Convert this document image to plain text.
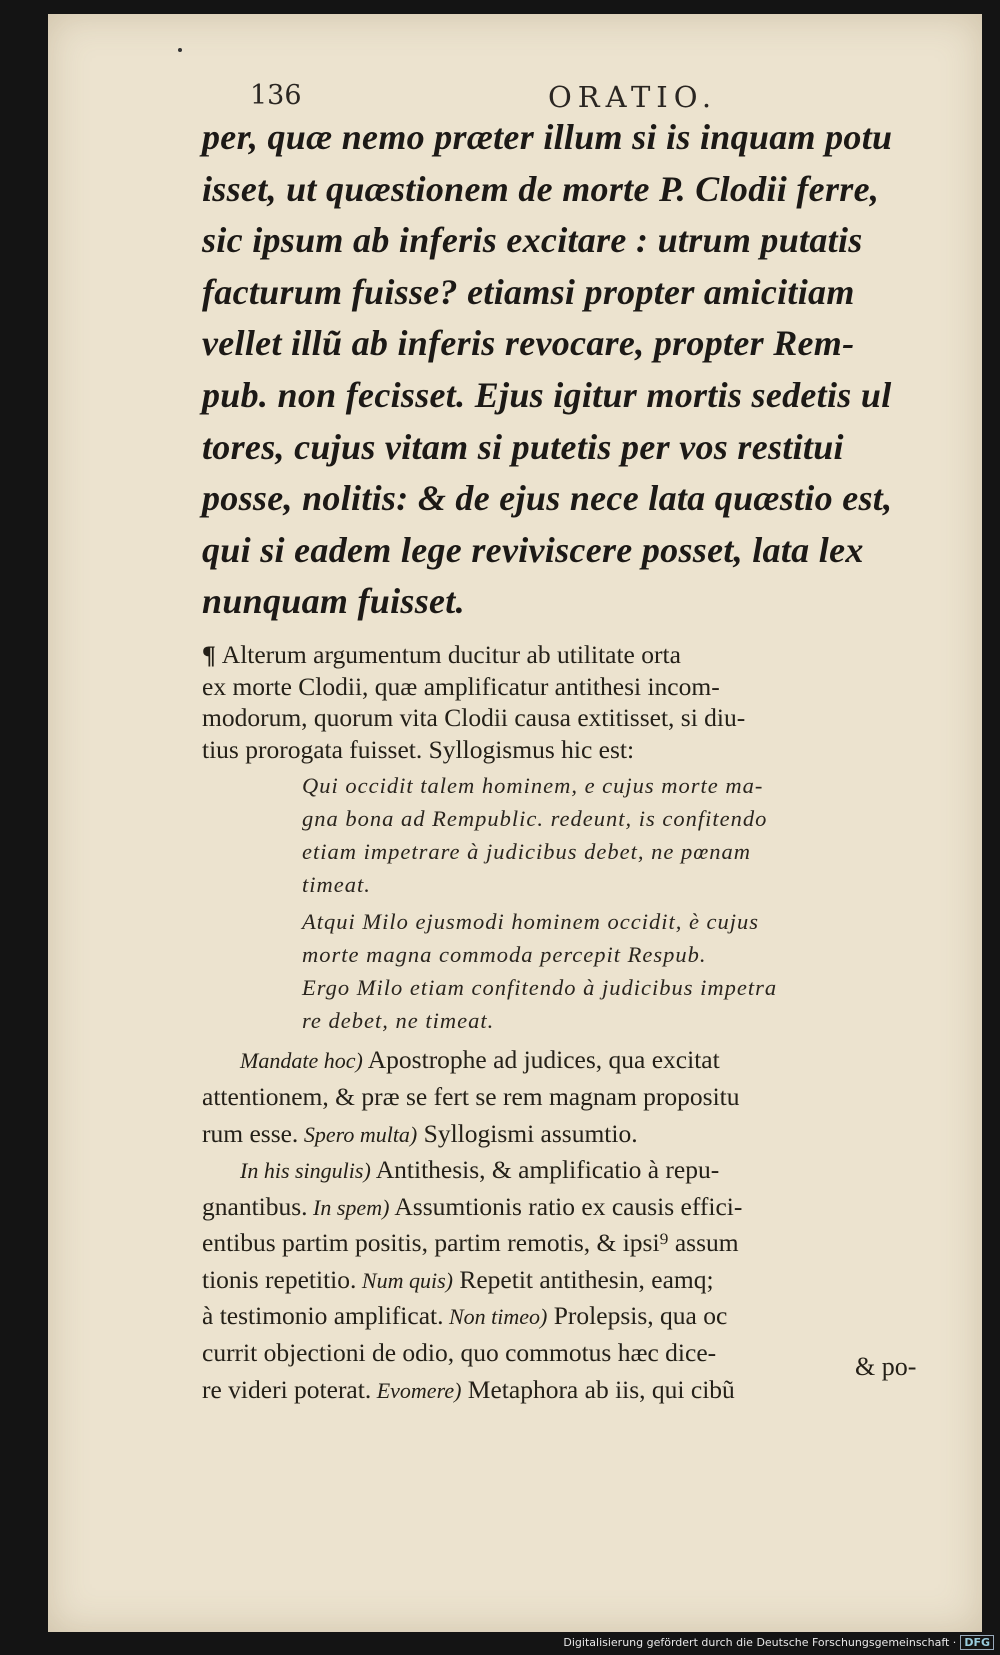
136	ORATIO.
per, quæ nemo præter illum si is inquam potu
isset, ut quæstionem de morte P. Clodii ferre,
sic ipsum ab inferis excitare : utrum putatis
facturum fuisse? etiamsi propter amicitiam
vellet illũ ab inferis revocare, propter Rem-
pub. non fecisset. Ejus igitur mortis sedetis ul
tores, cujus vitam si putetis per vos restitui
posse, nolitis: & de ejus nece lata quæstio est,
qui si eadem lege reviviscere posset, lata lex
nunquam fuisset.
¶ Alterum argumentum ducitur ab utilitate orta
ex morte Clodii, quæ amplificatur antithesi incom-
modorum, quorum vita Clodii causa extitisset, si diu-
tius prorogata fuisset. Syllogismus hic est:
Qui occidit talem hominem, e cujus morte ma-
gna bona ad Rempublic. redeunt, is confitendo
etiam impetrare à judicibus debet, ne pœnam
timeat.
Atqui Milo ejusmodi hominem occidit, è cujus
morte magna commoda percepit Respub.
Ergo Milo etiam confitendo à judicibus impetra
re debet, ne timeat.
Mandate hoc) Apostrophe ad judices, qua excitat
attentionem, & præ se fert se rem magnam propositu
rum esse. Spero multa) Syllogismi assumtio.
In his singulis) Antithesis, & amplificatio à repu-
gnantibus. In spem) Assumtionis ratio ex causis effici-
entibus partim positis, partim remotis, & ipsi⁹ assum
tionis repetitio. Num quis) Repetit antithesin, eamq;
à testimonio amplificat. Non timeo) Prolepsis, qua oc
currit objectioni de odio, quo commotus hæc dice-
re videri poterat. Evomere) Metaphora ab iis, qui cibũ
& po-
Digitalisierung gefördert durch die Deutsche Forschungsgemeinschaft · DFG
